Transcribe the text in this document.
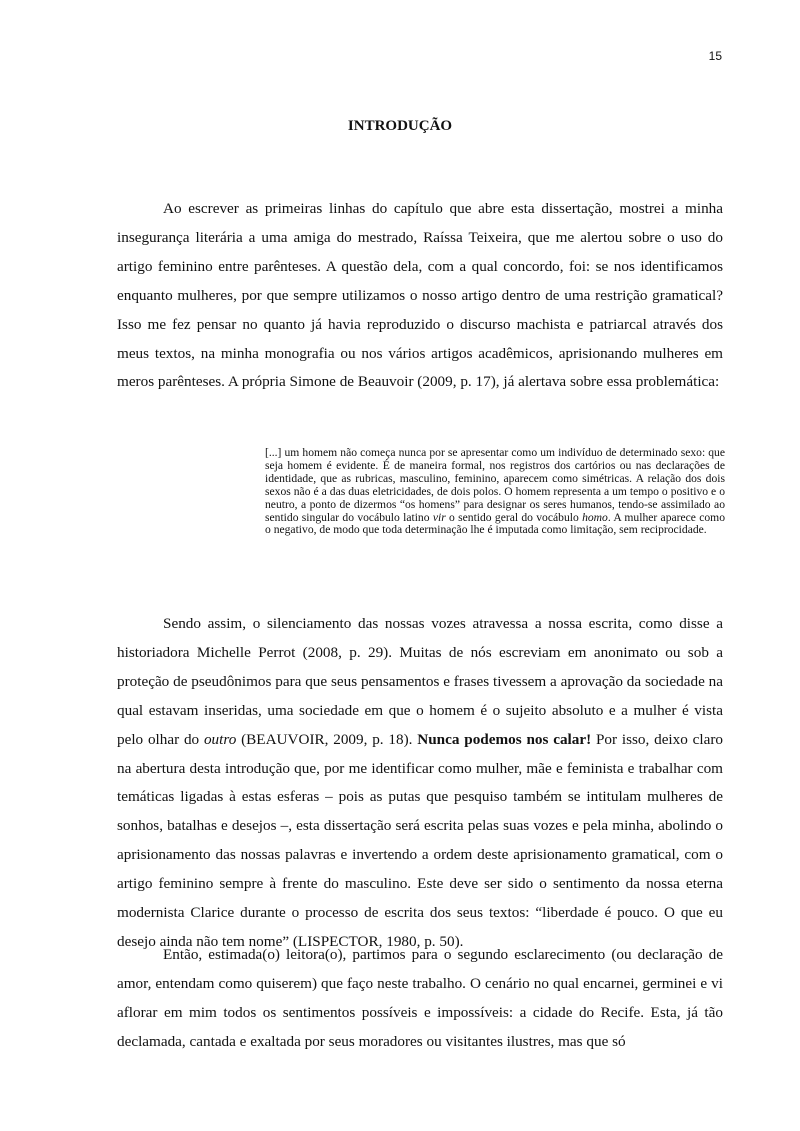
15
INTRODUÇÃO

Ao escrever as primeiras linhas do capítulo que abre esta dissertação, mostrei a minha insegurança literária a uma amiga do mestrado, Raíssa Teixeira, que me alertou sobre o uso do artigo feminino entre parênteses. A questão dela, com a qual concordo, foi: se nos identificamos enquanto mulheres, por que sempre utilizamos o nosso artigo dentro de uma restrição gramatical? Isso me fez pensar no quanto já havia reproduzido o discurso machista e patriarcal através dos meus textos, na minha monografia ou nos vários artigos acadêmicos, aprisionando mulheres em meros parênteses. A própria Simone de Beauvoir (2009, p. 17), já alertava sobre essa problemática:

[...] um homem não começa nunca por se apresentar como um indivíduo de determinado sexo: que seja homem é evidente. É de maneira formal, nos registros dos cartórios ou nas declarações de identidade, que as rubricas, masculino, feminino, aparecem como simétricas. A relação dos dois sexos não é a das duas eletricidades, de dois polos. O homem representa a um tempo o positivo e o neutro, a ponto de dizermos “os homens” para designar os seres humanos, tendo-se assimilado ao sentido singular do vocábulo latino vir o sentido geral do vocábulo homo. A mulher aparece como o negativo, de modo que toda determinação lhe é imputada como limitação, sem reciprocidade.

Sendo assim, o silenciamento das nossas vozes atravessa a nossa escrita, como disse a historiadora Michelle Perrot (2008, p. 29). Muitas de nós escreviam em anonimato ou sob a proteção de pseudônimos para que seus pensamentos e frases tivessem a aprovação da sociedade na qual estavam inseridas, uma sociedade em que o homem é o sujeito absoluto e a mulher é vista pelo olhar do outro (BEAUVOIR, 2009, p. 18). Nunca podemos nos calar! Por isso, deixo claro na abertura desta introdução que, por me identificar como mulher, mãe e feminista e trabalhar com temáticas ligadas à estas esferas – pois as putas que pesquiso também se intitulam mulheres de sonhos, batalhas e desejos –, esta dissertação será escrita pelas suas vozes e pela minha, abolindo o aprisionamento das nossas palavras e invertendo a ordem deste aprisionamento gramatical, com o artigo feminino sempre à frente do masculino. Este deve ser sido o sentimento da nossa eterna modernista Clarice durante o processo de escrita dos seus textos: “liberdade é pouco. O que eu desejo ainda não tem nome” (LISPECTOR, 1980, p. 50).

Então, estimada(o) leitora(o), partimos para o segundo esclarecimento (ou declaração de amor, entendam como quiserem) que faço neste trabalho. O cenário no qual encarnei, germinei e vi aflorar em mim todos os sentimentos possíveis e impossíveis: a cidade do Recife. Esta, já tão declamada, cantada e exaltada por seus moradores ou visitantes ilustres, mas que só
